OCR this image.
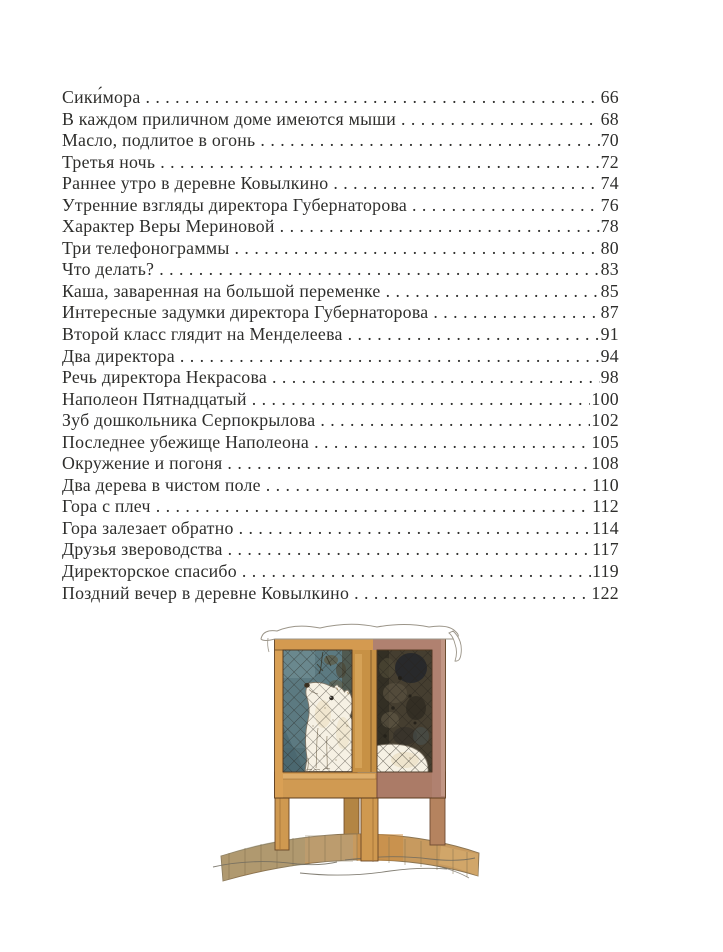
Сики́мора . . .	66
В каждом приличном доме имеются мыши . . .	68
Масло, подлитое в огонь . . .	70
Третья ночь . . .	72
Раннее утро в деревне Ковылкино . . .	74
Утренние взгляды директора Губернаторова . . .	76
Характер Веры Мериновой . . .	78
Три телефонограммы . . .	80
Что делать? . . .	83
Каша, заваренная на большой переменке . . .	85
Интересные задумки директора Губернаторова . . .	87
Второй класс глядит на Менделеева . . .	91
Два директора . . .	94
Речь директора Некрасова . . .	98
Наполеон Пятнадцатый . . .	100
Зуб дошкольника Серпокрылова . . .	102
Последнее убежище Наполеона . . .	105
Окружение и погоня . . .	108
Два дерева в чистом поле . . .	110
Гора с плеч . . .	112
Гора залезает обратно . . .	114
Друзья звероводства . . .	117
Директорское спасибо . . .	119
Поздний вечер в деревне Ковылкино . . .	122
